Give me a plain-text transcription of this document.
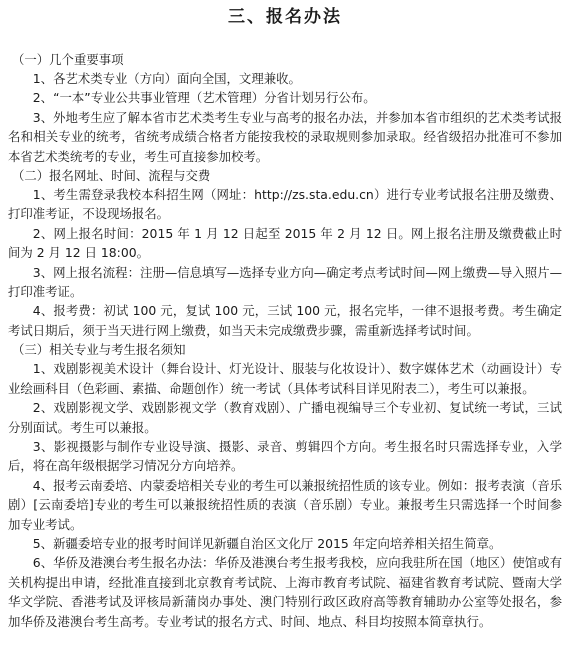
三、报名办法

（一）几个重要事项

1、各艺术类专业（方向）面向全国，文理兼收。

2、“一本”专业公共事业管理（艺术管理）分省计划另行公布。

3、外地考生应了解本省市艺术类考生专业与高考的报名办法，并参加本省市组织的艺术类考试报名和相关专业的统考，省统考成绩合格者方能按我校的录取规则参加录取。经省级招办批准可不参加本省艺术类统考的专业，考生可直接参加校考。

（二）报名网址、时间、流程与交费

1、考生需登录我校本科招生网（网址：http://zs.sta.edu.cn）进行专业考试报名注册及缴费、打印准考证，不设现场报名。

2、网上报名时间：2015 年 1 月 12 日起至 2015 年 2 月 12 日。网上报名注册及缴费截止时间为 2 月 12 日 18:00。

3、网上报名流程：注册—信息填写—选择专业方向—确定考点考试时间—网上缴费—导入照片—打印准考证。

4、报考费：初试 100 元，复试 100 元，三试 100 元，报名完毕，一律不退报考费。考生确定考试日期后，须于当天进行网上缴费，如当天未完成缴费步骤，需重新选择考试时间。

（三）相关专业与考生报名须知

1、戏剧影视美术设计（舞台设计、灯光设计、服装与化妆设计）、数字媒体艺术（动画设计）专业绘画科目（色彩画、素描、命题创作）统一考试（具体考试科目详见附表二），考生可以兼报。

2、戏剧影视文学、戏剧影视文学（教育戏剧）、广播电视编导三个专业初、复试统一考试，三试分别面试。考生可以兼报。

3、影视摄影与制作专业设导演、摄影、录音、剪辑四个方向。考生报名时只需选择专业，入学后，将在高年级根据学习情况分方向培养。

4、报考云南委培、内蒙委培相关专业的考生可以兼报统招性质的该专业。例如：报考表演（音乐剧）[云南委培]专业的考生可以兼报统招性质的表演（音乐剧）专业。兼报考生只需选择一个时间参加专业考试。

5、新疆委培专业的报考时间详见新疆自治区文化厅 2015 年定向培养相关招生简章。

6、华侨及港澳台考生报名办法：华侨及港澳台考生报考我校，应向我驻所在国（地区）使馆或有关机构提出申请，经批准直接到北京教育考试院、上海市教育考试院、福建省教育考试院、暨南大学华文学院、香港考试及评核局新蒲岗办事处、澳门特别行政区政府高等教育辅助办公室等处报名，参加华侨及港澳台考生高考。专业考试的报名方式、时间、地点、科目均按照本简章执行。
